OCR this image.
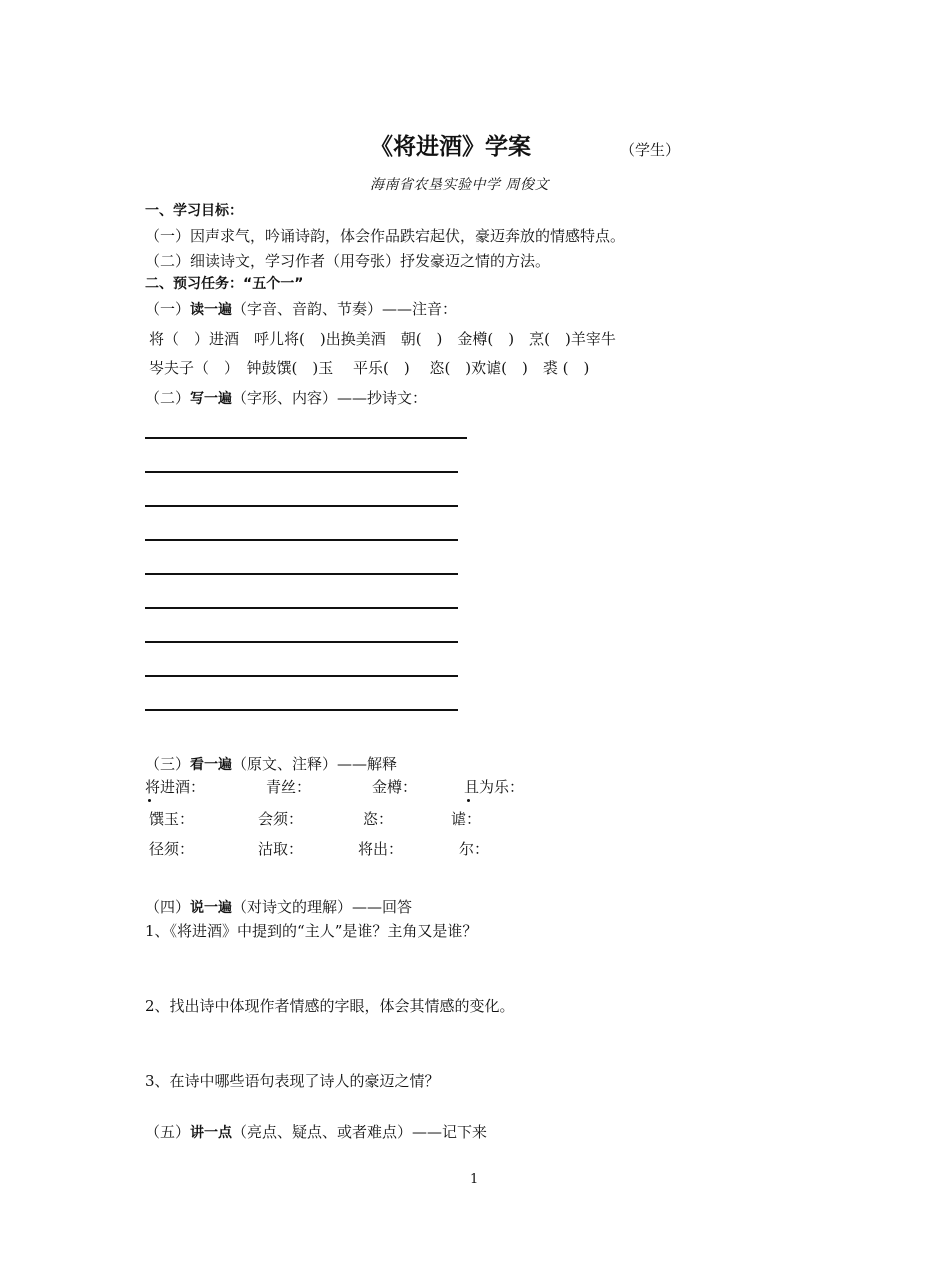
《将进酒》学案	（学生）
海南省农垦实验中学 周俊文
一、学习目标：
（一）因声求气，吟诵诗韵，体会作品跌宕起伏，豪迈奔放的情感特点。
（二）细读诗文，学习作者（用夸张）抒发豪迈之情的方法。
二、预习任务：“五个一”
（一）读一遍（字音、音韵、节奏）——注音：
将（　）进酒　呼儿将(　)出换美酒　朝(　)　金樽(　)　烹(　)羊宰牛
岑夫子（　）　钟鼓馔(　)玉　 平乐(　)　 恣(　)欢谑(　)　裘 (　)
（二）写一遍（字形、内容）——抄诗文：
（三）看一遍（原文、注释）——解释
将进酒：	青丝：	金樽：	且为乐：
馔玉：	会须：	恣：	谑：
径须：	沽取：	将出：	尔：
（四）说一遍（对诗文的理解）——回答
1、《将进酒》中提到的“主人”是谁？主角又是谁？
2、找出诗中体现作者情感的字眼，体会其情感的变化。
3、在诗中哪些语句表现了诗人的豪迈之情？
（五）讲一点（亮点、疑点、或者难点）——记下来
1
